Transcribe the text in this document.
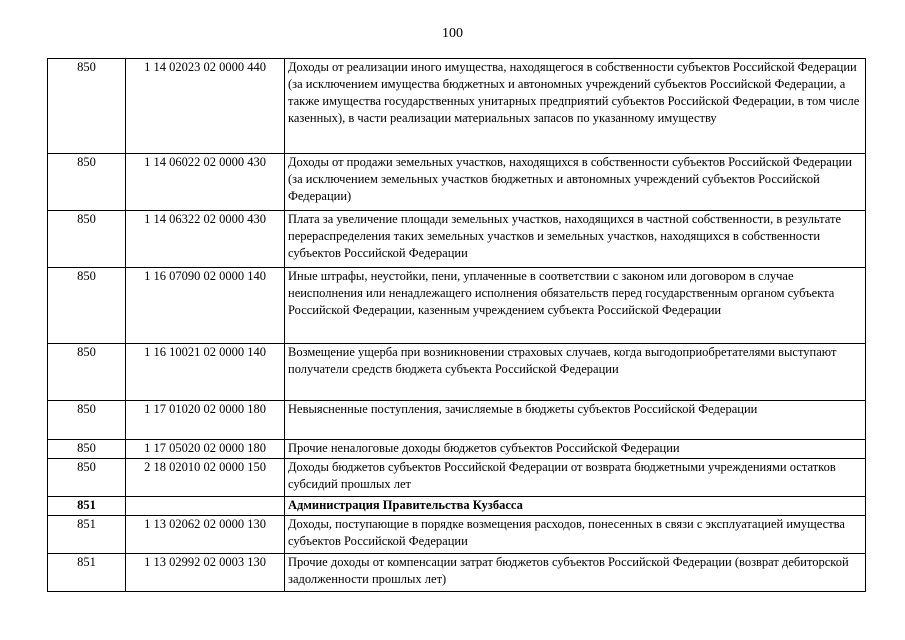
100
850	1 14 02023 02 0000 440	Доходы от реализации иного имущества, находящегося в собственности субъектов Российской Федерации (за исключением имущества бюджетных и автономных учреждений субъектов Российской Федерации, а также имущества государственных унитарных предприятий субъектов Российской Федерации, в том числе казенных), в части реализации материальных запасов по указанному имуществу
850	1 14 06022 02 0000 430	Доходы от продажи земельных участков, находящихся в собственности субъектов Российской Федерации (за исключением земельных участков бюджетных и автономных учреждений субъектов Российской Федерации)
850	1 14 06322 02 0000 430	Плата за увеличение площади земельных участков, находящихся в частной собственности, в результате перераспределения таких земельных участков и земельных участков, находящихся в собственности субъектов Российской Федерации
850	1 16 07090 02 0000 140	Иные штрафы, неустойки, пени, уплаченные в соответствии с законом или договором в случае неисполнения или ненадлежащего исполнения обязательств перед государственным органом субъекта Российской Федерации, казенным учреждением субъекта Российской Федерации
850	1 16 10021 02 0000 140	Возмещение ущерба при возникновении страховых случаев, когда выгодоприобретателями выступают получатели средств бюджета субъекта Российской Федерации
850	1 17 01020 02 0000 180	Невыясненные поступления, зачисляемые в бюджеты субъектов Российской Федерации
850	1 17 05020 02 0000 180	Прочие неналоговые доходы бюджетов субъектов Российской Федерации
850	2 18 02010 02 0000 150	Доходы бюджетов субъектов Российской Федерации от возврата бюджетными учреждениями остатков субсидий прошлых лет
851		Администрация Правительства Кузбасса
851	1 13 02062 02 0000 130	Доходы, поступающие в порядке возмещения расходов, понесенных в связи с эксплуатацией имущества субъектов Российской Федерации
851	1 13 02992 02 0003 130	Прочие доходы от компенсации затрат бюджетов субъектов Российской Федерации (возврат дебиторской задолженности прошлых лет)
